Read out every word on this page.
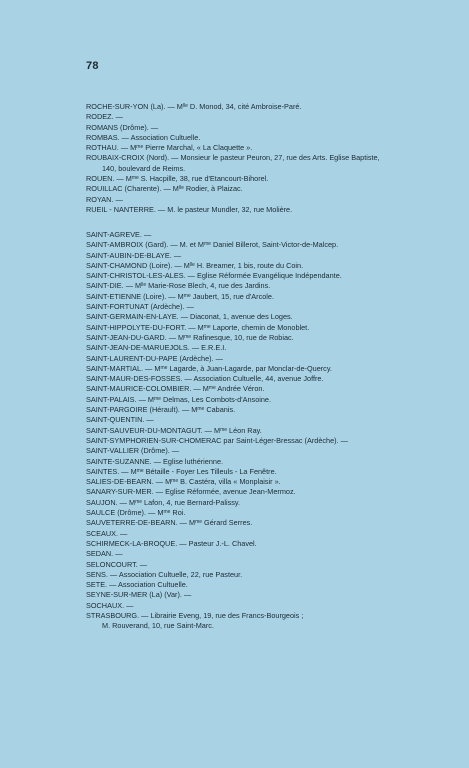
78

ROCHE-SUR-YON (La). — $M^{lle}$ D. Monod, 34, cité Ambroise-Paré.

RODEZ. —

ROMANS (Drôme). —

ROMBAS. — Association Cultuelle.

ROTHAU. — $M^{me}$ Pierre Marchal, « La Claquette ».

ROUBAIX-CROIX (Nord). — Monsieur le pasteur Peuron, 27, rue des Arts. Eglise Baptiste,
140, boulevard de Reims.

ROUEN. — $M^{me}$ S. Hacpille, 38, rue d'Etancourt-Bihorel.

ROUILLAC (Charente). — $M^{lle}$ Rodier, à Plaizac.

ROYAN. —

RUEIL - NANTERRE. — M. le pasteur Mundler, 32, rue Molière.

SAINT-AGREVE. —

SAINT-AMBROIX (Gard). — M. et $M^{me}$ Daniel Billerot, Saint-Victor-de-Malcep.

SAINT-AUBIN-DE-BLAYE. —

SAINT-CHAMOND (Loire). — $M^{lle}$ H. Breamer, 1 bis, route du Coin.

SAINT-CHRISTOL-LES-ALES. — Eglise Réformée Evangélique Indépendante.

SAINT-DIE. — $M^{lle}$ Marie-Rose Blech, 4, rue des Jardins.

SAINT-ETIENNE (Loire). — $M^{me}$ Jaubert, 15, rue d'Arcole.

SAINT-FORTUNAT (Ardèche). —

SAINT-GERMAIN-EN-LAYE. — Diaconat, 1, avenue des Loges.

SAINT-HIPPOLYTE-DU-FORT. — $M^{me}$ Laporte, chemin de Monoblet.

SAINT-JEAN-DU-GARD. — $M^{me}$ Rafinesque, 10, rue de Robiac.

SAINT-JEAN-DE-MARUEJOLS. — E.R.E.I.

SAINT-LAURENT-DU-PAPE (Ardèche). —

SAINT-MARTIAL. — $M^{me}$ Lagarde, à Juan-Lagarde, par Monclar-de-Quercy.

SAINT-MAUR-DES-FOSSES. — Association Cultuelle, 44, avenue Joffre.

SAINT-MAURICE-COLOMBIER. — $M^{me}$ Andrée Véron.

SAINT-PALAIS. — $M^{me}$ Delmas, Les Combots-d'Ansoine.

SAINT-PARGOIRE (Hérault). — $M^{me}$ Cabanis.

SAINT-QUENTIN. —

SAINT-SAUVEUR-DU-MONTAGUT. — $M^{me}$ Léon Ray.

SAINT-SYMPHORIEN-SUR-CHOMERAC par Saint-Léger-Bressac (Ardèche). —

SAINT-VALLIER (Drôme). —

SAINTE-SUZANNE. — Eglise luthérienne.

SAINTES. — $M^{me}$ Bétaille - Foyer Les Tilleuls - La Fenêtre.

SALIES-DE-BEARN. — $M^{me}$ B. Castéra, villa « Monplaisir ».

SANARY-SUR-MER. — Eglise Réformée, avenue Jean-Mermoz.

SAUJON. — $M^{me}$ Lafon, 4, rue Bernard-Palissy.

SAULCE (Drôme). — $M^{me}$ Roi.

SAUVETERRE-DE-BEARN. — $M^{me}$ Gérard Serres.

SCEAUX. —

SCHIRMECK-LA-BROQUE. — Pasteur J.-L. Chavel.

SEDAN. —

SELONCOURT. —

SENS. — Association Cultuelle, 22, rue Pasteur.

SETE. — Association Cultuelle.

SEYNE-SUR-MER (La) (Var). —

SOCHAUX. —

STRASBOURG. — Librairie Eveng, 19, rue des Francs-Bourgeois ;
M. Rouverand, 10, rue Saint-Marc.
